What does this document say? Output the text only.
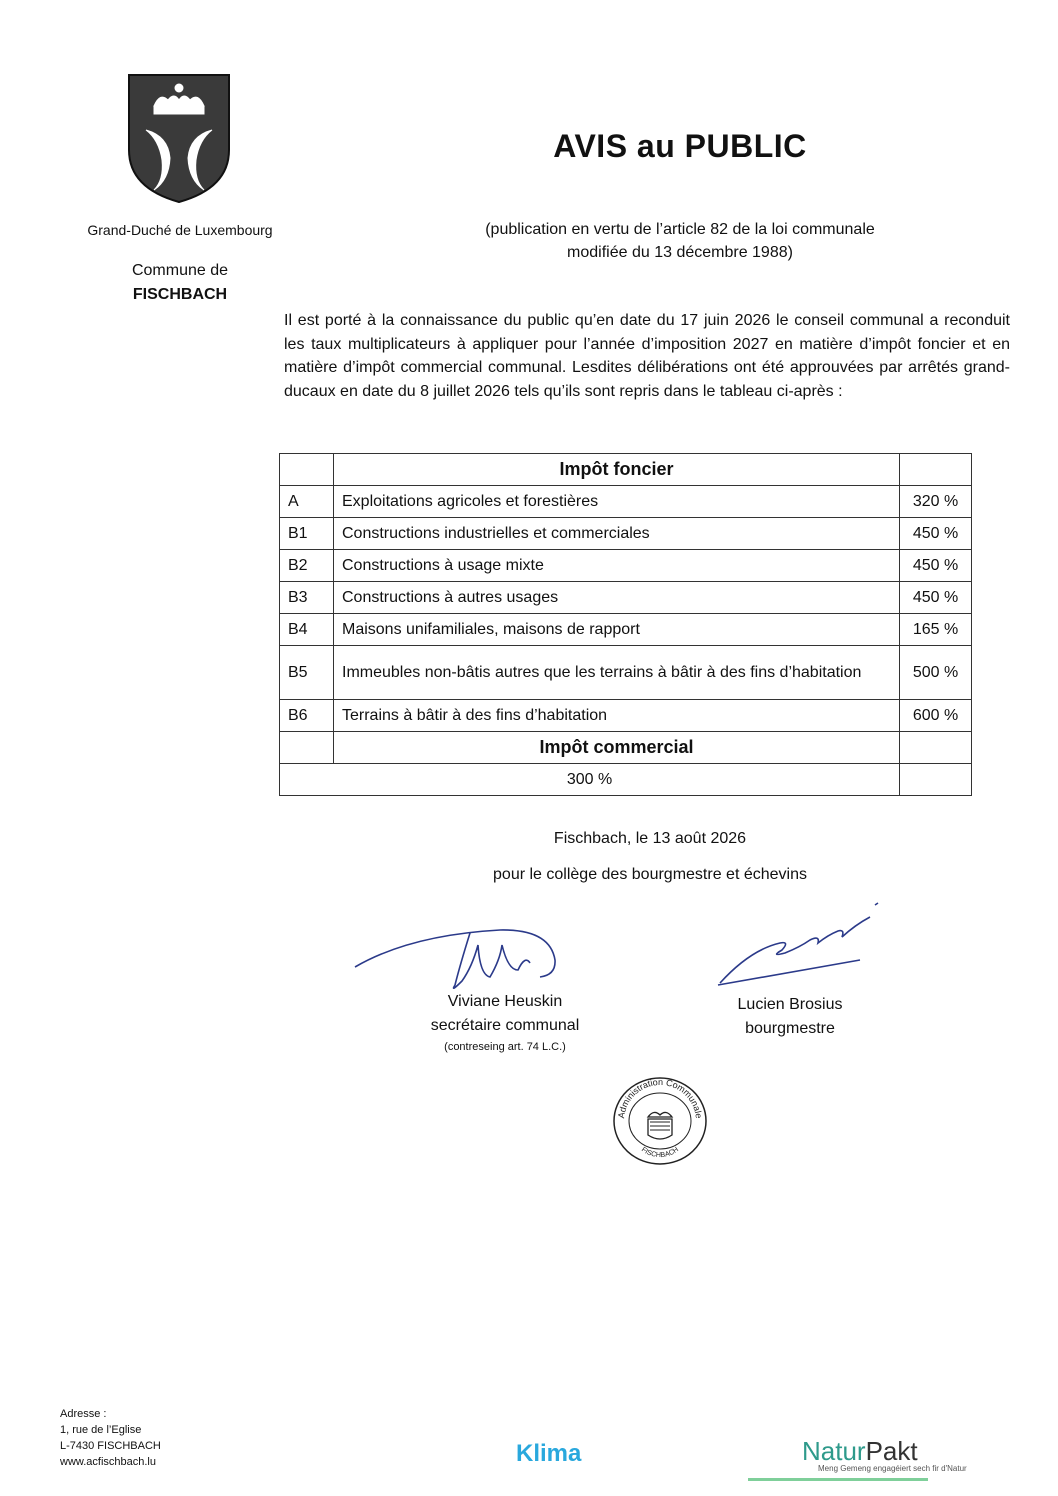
Grand-Duché de Luxembourg
Commune de
FISCHBACH
AVIS au PUBLIC
(publication en vertu de l’article 82 de la loi communale
modifiée du 13 décembre 1988)
Il est porté à la connaissance du public qu’en date du 17 juin 2026 le conseil communal a reconduit les taux multiplicateurs à appliquer pour l’année d’imposition 2027 en matière d’impôt foncier et en matière d’impôt commercial communal. Lesdites délibérations ont été approuvées par arrêtés grand-ducaux en date du 8 juillet 2026 tels qu’ils sont repris dans le tableau ci-après :
	Impôt foncier	
A	Exploitations agricoles et forestières	320 %
B1	Constructions industrielles et commerciales	450 %
B2	Constructions à usage mixte	450 %
B3	Constructions à autres usages	450 %
B4	Maisons unifamiliales, maisons de rapport	165 %
B5	Immeubles non-bâtis autres que les terrains à bâtir à des fins d’habitation	500 %
B6	Terrains à bâtir à des fins d’habitation	600 %
	Impôt commercial	
300 %		
Fischbach, le 13 août 2026
pour le collège des bourgmestre et échevins
Viviane Heuskin
secrétaire communal
(contreseing art. 74 L.C.)
Lucien Brosius
bourgmestre
Administration Communale
FISCHBACH
Adresse :
1, rue de l’Eglise
L-7430 FISCHBACH
www.acfischbach.lu	Klima	NaturPakt
Meng Gemeng engagéiert sech fir d'Natur
